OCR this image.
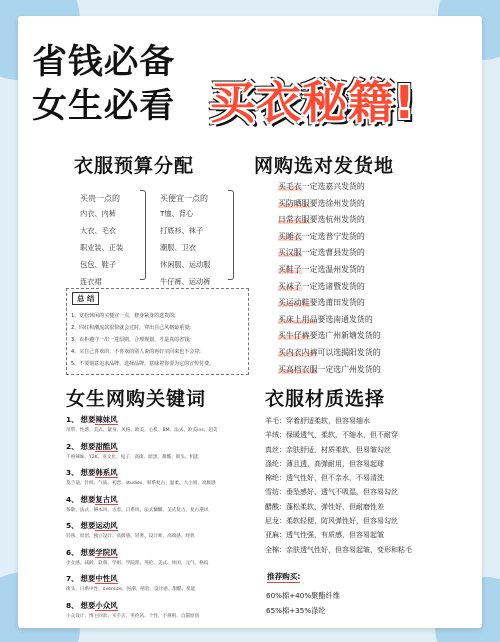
省钱必备
女生必看 买衣秘籍!
衣服预算分配
买贵一点的	买便宜一点的
内衣、内裤
大衣、毛衣
职业装、正装
包包、鞋子
连衣裙
T恤、背心
打底衫、袜子
潮服、卫衣
休闲服、运动服
牛仔裤、运动裤
总 结
1、宽松休闲的买便宜一点，修身紧身的选贵的;
2、同红和潮流款很快就会过时，穿出自己风格最重要;
3、衣柜遵守一出一进原则，合理规划，才是真的省钱;
4、买自己喜欢的，不喜欢的别人说的再好买回来也不会穿;
5、不要刻意追求品牌，选择品牌，意味着你要为它的宣传付费。
网购选对发货地
买毛衣一定选嘉兴发货的
买防晒服要选徐州发货的
日常衣服要选杭州发货的
买睡衣一定选普宁发货的
买汉服一定选曹县发货的
买鞋子一定选温州发货的
买袜子一定选诸暨发货的
买运动鞋要选莆田发货的
买床上用品要选南通发货的
买牛仔裤要选广州新塘发货的
买内衣内裤可以选揭阳发货的
买高档衣服一定选广州发货的
女生网购关键词
1、 想要辣妹风
吊带、性感、美式、紧身、风格、欧美、心机、BM、法式、欧美ins、超美
2、 想要甜酷风
千禧辣妹、Y2K、亚文化、兔子、高街、暗黑、甜酷、街头、机能
3、 想要韩系风
莫兰迪、针织、气质、初恋、studios、韩系复古、温柔、大小姐、高级感
4、 想要复古风
茶歇、法式、赫本风、古着、日系风、法式慵懒、美式复古、复古港风
5、 想要运动风
轻熟、原创、独立设计、高级感、轻奢、设计师、高端感、经典
6、 想要学院风
少女感、减龄、软萌、学姐、学院派、英伦、美式、休闲、元气、格纹
7、 想要中性风
街头、日系中性、oversize、国潮、嘻哈、设计感、甜酷、机能
8、 想要小众风
小众设计、博主同款、买手店、英伦风、个性、不规则、自制原创
衣服材质选择
羊毛：穿着舒适柔软，但容易缩水
羊绒：保暖透气，柔软，不缩水，但不耐穿
真丝：亲肤舒适，材质柔软，但易皱勾丝
涤纶：薄且透，高弹耐用，但容易起球
棉纶：透气性好，但不亲水，不易清洗
雪纺：垂坠感好，透气不吸湿，但容易勾丝
醋酸：蓬松柔软，弹性好，但耐磨性差
尼龙：柔软轻便，防风弹性好，但容易勾丝
亚麻：透气性强，有质感，但容易起皱
全棉：亲肤透气性好，但容易起皱，变形和粘毛
推荐购买:
60%棉+40%聚酯纤维
65%棉+35%涤纶
